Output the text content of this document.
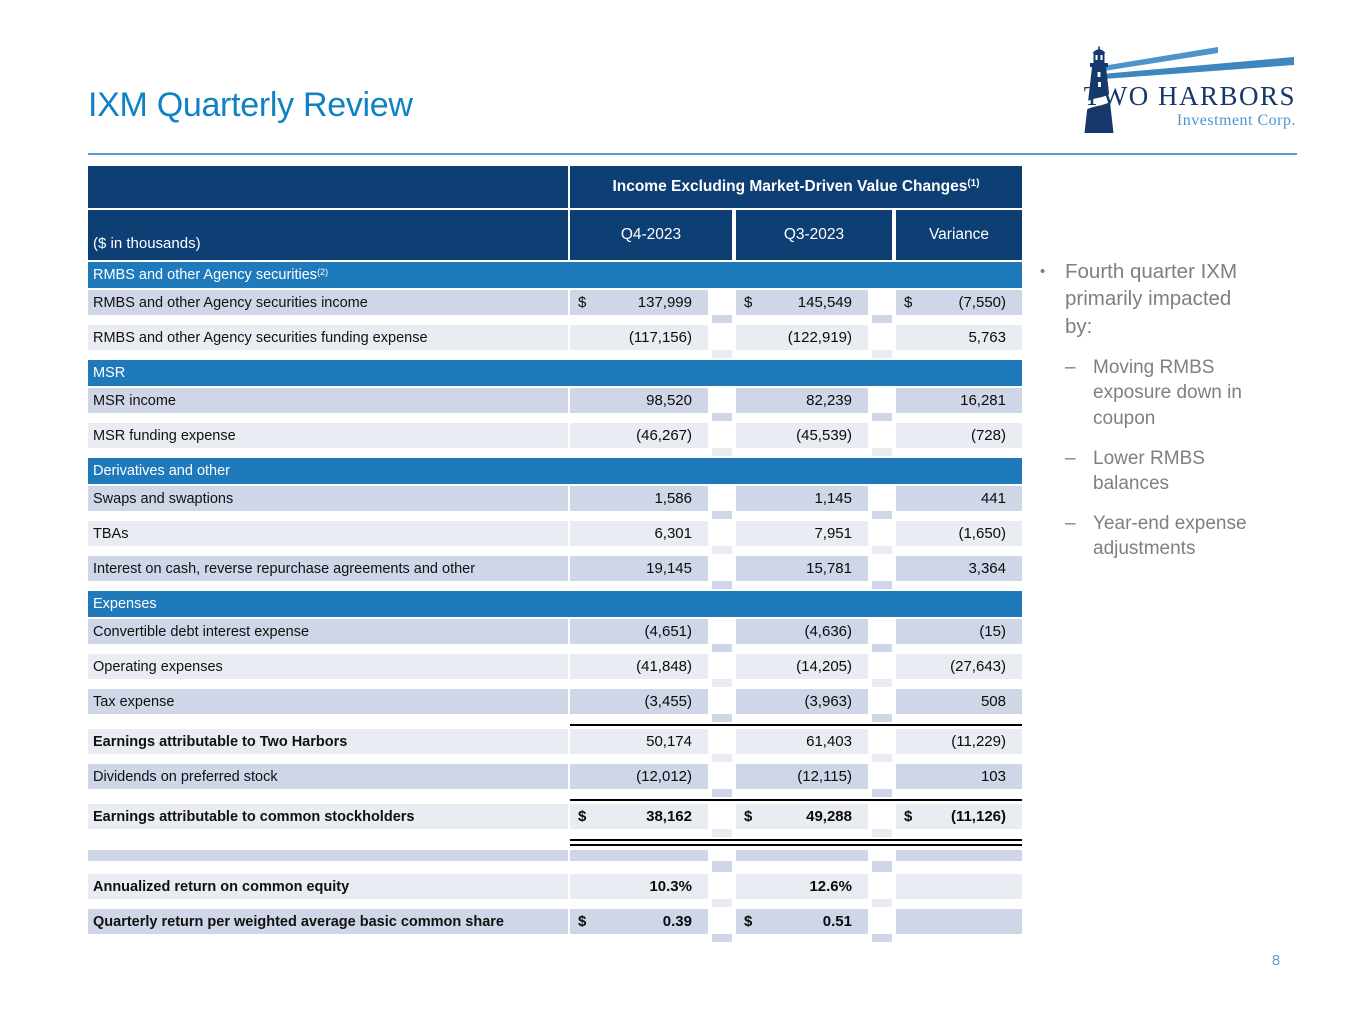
IXM Quarterly Review	TWO HARBORS
Investment Corp.
Income Excluding Market-Driven Value Changes$^{(1)}$
($ in thousands)
Q4-2023	Q3-2023	Variance
RMBS and other Agency securities (2)
RMBS and other Agency securities income	$	137,999	$	145,549	$	(7,550)
RMBS and other Agency securities funding expense	(117,156)	(122,919)	5,763
MSR
MSR income	98,520	82,239	16,281
MSR funding expense	(46,267)	(45,539)	(728)
Derivatives and other
Swaps and swaptions	1,586	1,145	441
TBAs	6,301	7,951	(1,650)
Interest on cash, reverse repurchase agreements and other	19,145	15,781	3,364
Expenses
Convertible debt interest expense	(4,651)	(4,636)	(15)
Operating expenses	(41,848)	(14,205)	(27,643)
Tax expense	(3,455)	(3,963)	508
Earnings attributable to Two Harbors	50,174	61,403	(11,229)
Dividends on preferred stock	(12,012)	(12,115)	103
Earnings attributable to common stockholders	$	38,162	$	49,288	$	(11,126)
Annualized return on common equity	10.3%	12.6%
Quarterly return per weighted average basic common share	$	0.39	$	0.51
• Fourth quarter IXM primarily impacted by:
– Moving RMBS exposure down in coupon
– Lower RMBS balances
– Year-end expense adjustments
8
